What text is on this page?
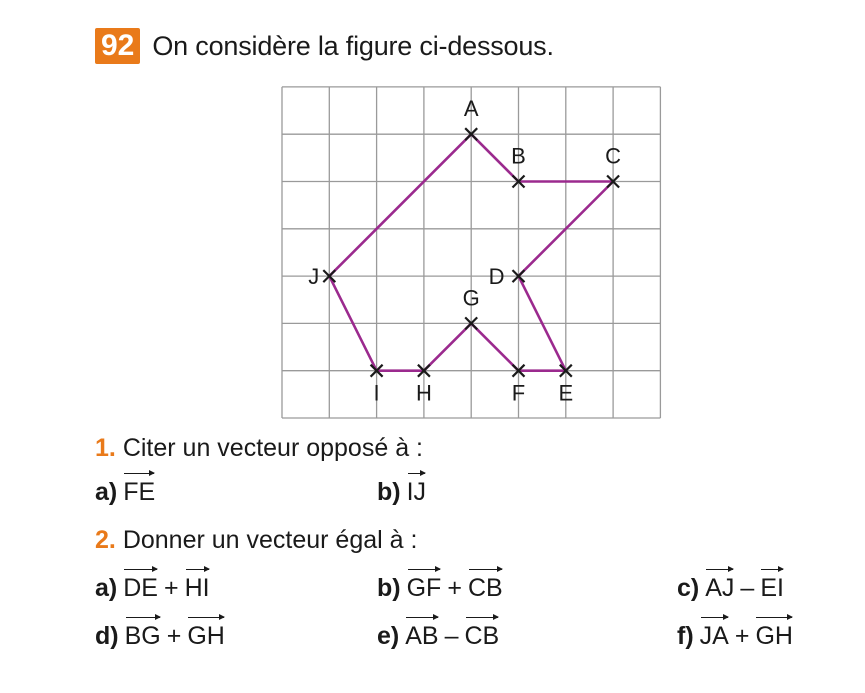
92 On considère la figure ci-dessous.
A
B	C
D
E
F
G
H
I
J
1. Citer un vecteur opposé à :
a) FE	b) IJ
2. Donner un vecteur égal à :
a) DE + HI	b) GF + CB	c) AJ – EI
d) BG + GH	e) AB – CB	f) JA + GH
